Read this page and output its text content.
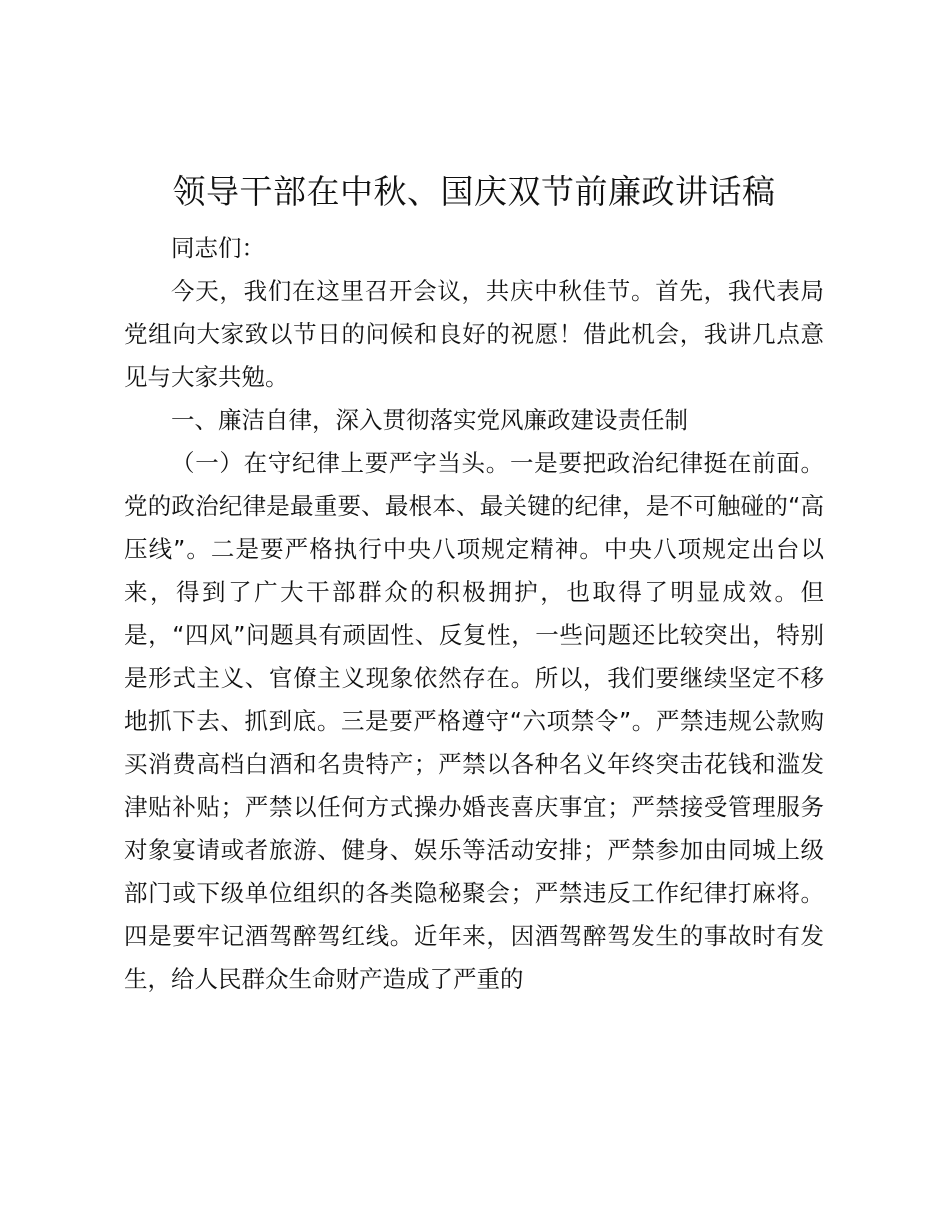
领导干部在中秋、国庆双节前廉政讲话稿

同志们：

今天，我们在这里召开会议，共庆中秋佳节。首先，我代表局党组向大家致以节日的问候和良好的祝愿！借此机会，我讲几点意见与大家共勉。

一、廉洁自律，深入贯彻落实党风廉政建设责任制

（一）在守纪律上要严字当头。一是要把政治纪律挺在前面。党的政治纪律是最重要、最根本、最关键的纪律，是不可触碰的“高压线”。二是要严格执行中央八项规定精神。中央八项规定出台以来，得到了广大干部群众的积极拥护，也取得了明显成效。但是，“四风”问题具有顽固性、反复性，一些问题还比较突出，特别是形式主义、官僚主义现象依然存在。所以，我们要继续坚定不移地抓下去、抓到底。三是要严格遵守“六项禁令”。严禁违规公款购买消费高档白酒和名贵特产；严禁以各种名义年终突击花钱和滥发津贴补贴；严禁以任何方式操办婚丧喜庆事宜；严禁接受管理服务对象宴请或者旅游、健身、娱乐等活动安排；严禁参加由同城上级部门或下级单位组织的各类隐秘聚会；严禁违反工作纪律打麻将。四是要牢记酒驾醉驾红线。近年来，因酒驾醉驾发生的事故时有发生，给人民群众生命财产造成了严重的
